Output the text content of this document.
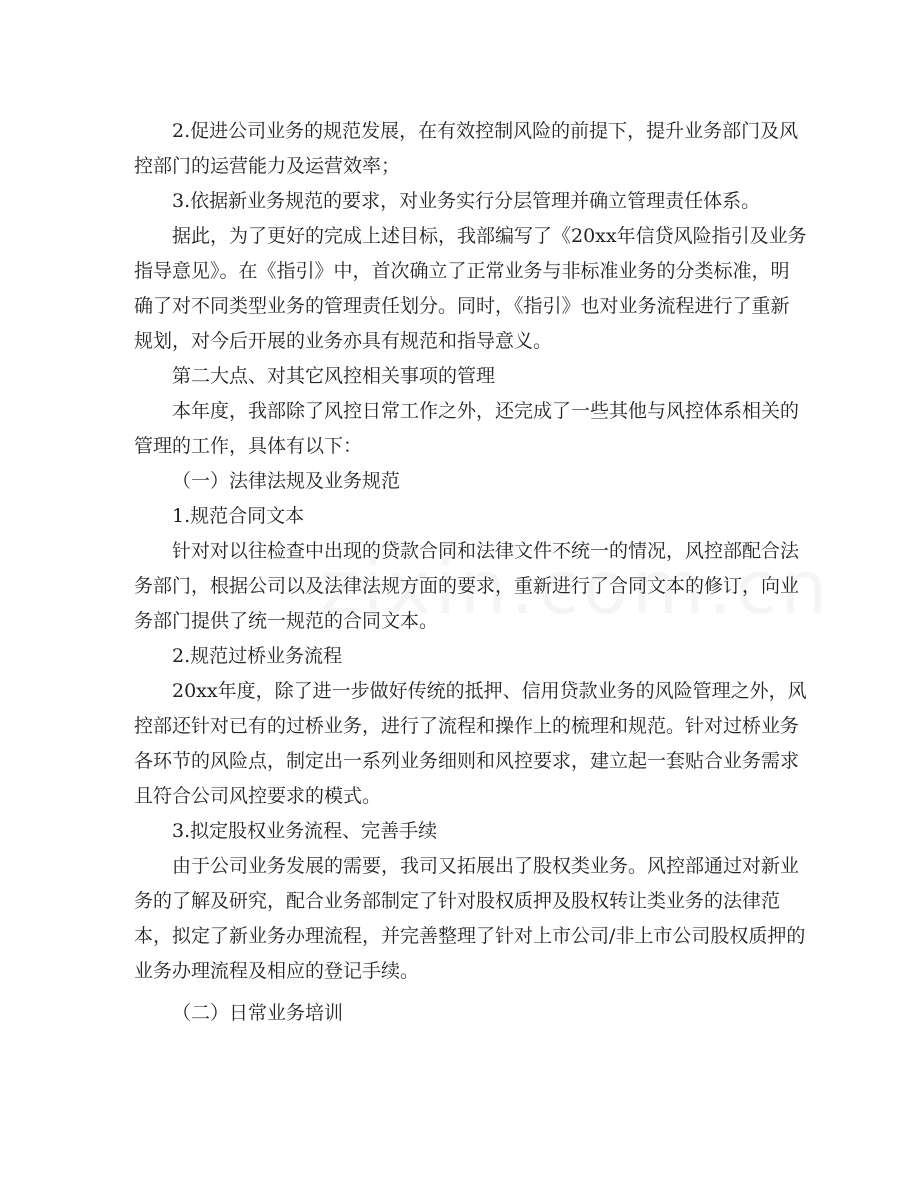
2.促进公司业务的规范发展，在有效控制风险的前提下，提升业务部门及风
控部门的运营能力及运营效率；
3.依据新业务规范的要求，对业务实行分层管理并确立管理责任体系。
据此，为了更好的完成上述目标，我部编写了《20xx年信贷风险指引及业务
指导意见》。在《指引》中，首次确立了正常业务与非标准业务的分类标准，明
确了对不同类型业务的管理责任划分。同时，《指引》也对业务流程进行了重新
规划，对今后开展的业务亦具有规范和指导意义。
第二大点、对其它风控相关事项的管理
本年度，我部除了风控日常工作之外，还完成了一些其他与风控体系相关的
管理的工作，具体有以下：
（一）法律法规及业务规范
1.规范合同文本
针对对以往检查中出现的贷款合同和法律文件不统一的情况，风控部配合法
务部门，根据公司以及法律法规方面的要求，重新进行了合同文本的修订，向业
务部门提供了统一规范的合同文本。
2.规范过桥业务流程
20xx年度，除了进一步做好传统的抵押、信用贷款业务的风险管理之外，风
控部还针对已有的过桥业务，进行了流程和操作上的梳理和规范。针对过桥业务
各环节的风险点，制定出一系列业务细则和风控要求，建立起一套贴合业务需求
且符合公司风控要求的模式。
3.拟定股权业务流程、完善手续
由于公司业务发展的需要，我司又拓展出了股权类业务。风控部通过对新业
务的了解及研究，配合业务部制定了针对股权质押及股权转让类业务的法律范
本，拟定了新业务办理流程，并完善整理了针对上市公司/非上市公司股权质押的
业务办理流程及相应的登记手续。
（二）日常业务培训
